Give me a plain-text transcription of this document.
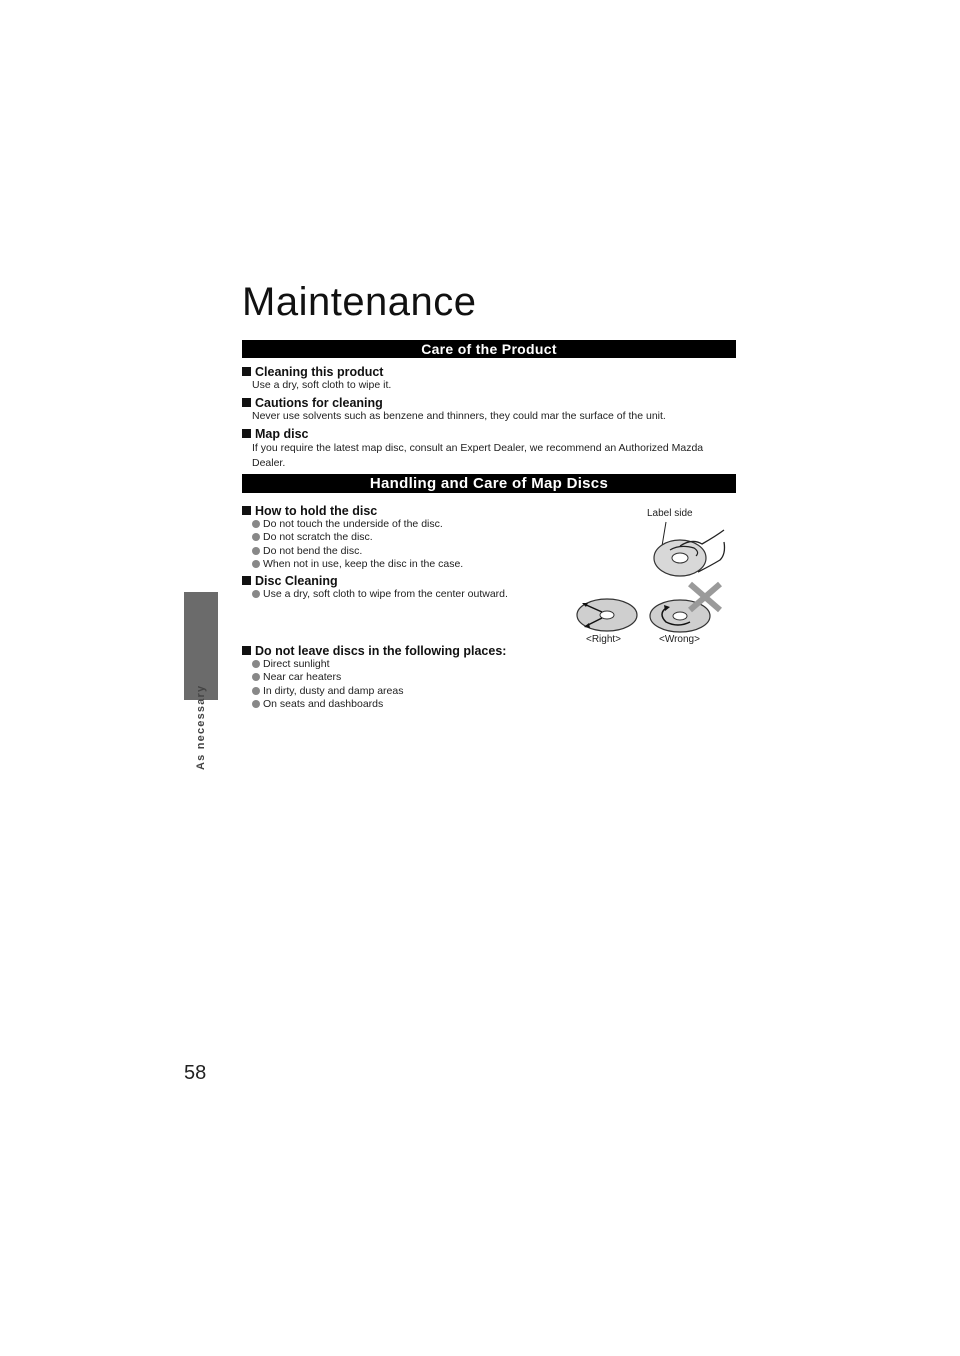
As necessary
58
Maintenance
Care of the Product
Cleaning this product
Use a dry, soft cloth to wipe it.
Cautions for cleaning
Never use solvents such as benzene and thinners, they could mar the surface of the unit.
Map disc
If you require the latest map disc, consult an Expert Dealer, we recommend an Authorized Mazda Dealer.
Handling and Care of Map Discs
How to hold the disc
Do not touch the underside of the disc.
Do not scratch the disc.
Do not bend the disc.
When not in use, keep the disc in the case.
Disc Cleaning
Use a dry, soft cloth to wipe from the center outward.
Do not leave discs in the following places:
Direct sunlight
Near car heaters
In dirty, dusty and damp areas
On seats and dashboards
Label side
<Right>	<Wrong>
